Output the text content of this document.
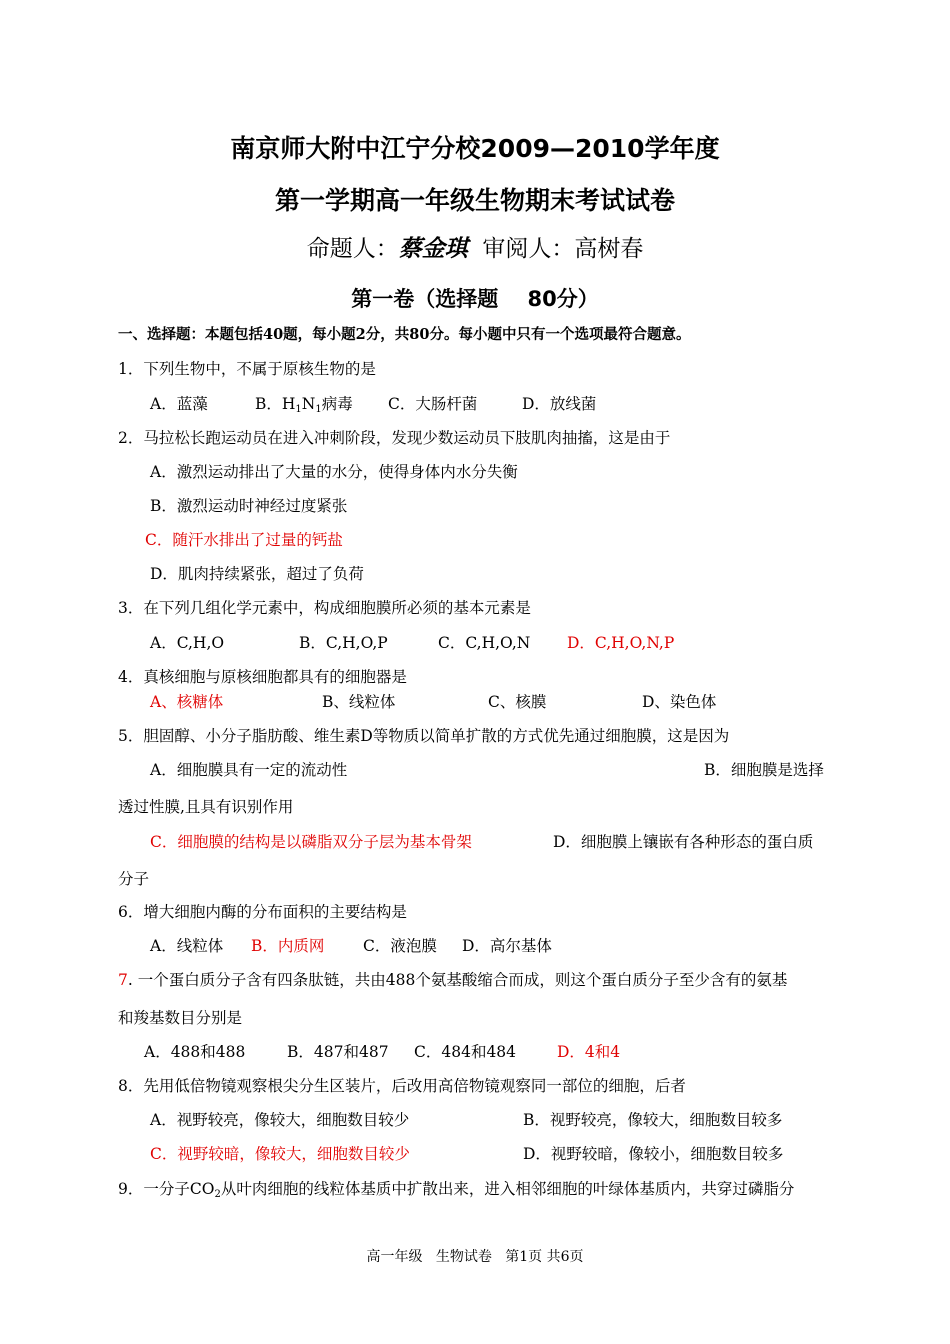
南京师大附中江宁分校2009—2010学年度
第一学期高一年级生物期末考试试卷
命题人：蔡金琪 审阅人：高树春
第一卷（选择题    80分）
一、选择题：本题包括40题，每小题2分，共80分。每小题中只有一个选项最符合题意。
1．下列生物中，不属于原核生物的是
A．蓝藻	B．$H_1N_1$病毒 C．大肠杆菌	D．放线菌
2．马拉松长跑运动员在进入冲刺阶段，发现少数运动员下肢肌肉抽搐，这是由于
A．激烈运动排出了大量的水分，使得身体内水分失衡
B．激烈运动时神经过度紧张
C．随汗水排出了过量的钙盐
D．肌肉持续紧张，超过了负荷
3．在下列几组化学元素中，构成细胞膜所必须的基本元素是
A．C,H,O	B．C,H,O,P	C．C,H,O,N D．C,H,O,N,P
4．真核细胞与原核细胞都具有的细胞器是
A、核糖体	B、线粒体	C、核膜	D、染色体
5．胆固醇、小分子脂肪酸、维生素D等物质以简单扩散的方式优先通过细胞膜，这是因为
A．细胞膜具有一定的流动性	B．细胞膜是选择
透过性膜,且具有识别作用
C．细胞膜的结构是以磷脂双分子层为基本骨架	D．细胞膜上镶嵌有各种形态的蛋白质
分子
6．增大细胞内酶的分布面积的主要结构是
A．线粒体 B．内质网 C．液泡膜 D．高尔基体
7. 一个蛋白质分子含有四条肽链，共由488个氨基酸缩合而成，则这个蛋白质分子至少含有的氨基
和羧基数目分别是
A．488和488	B．487和487 C．484和484	D．4和4
8．先用低倍物镜观察根尖分生区装片，后改用高倍物镜观察同一部位的细胞，后者
A．视野较亮，像较大，细胞数目较少	B．视野较亮，像较大，细胞数目较多
C．视野较暗，像较大，细胞数目较少	D．视野较暗，像较小，细胞数目较多
9．一分子$CO_2$从叶肉细胞的线粒体基质中扩散出来，进入相邻细胞的叶绿体基质内，共穿过磷脂分
高一年级   生物试卷   第1页 共6页
